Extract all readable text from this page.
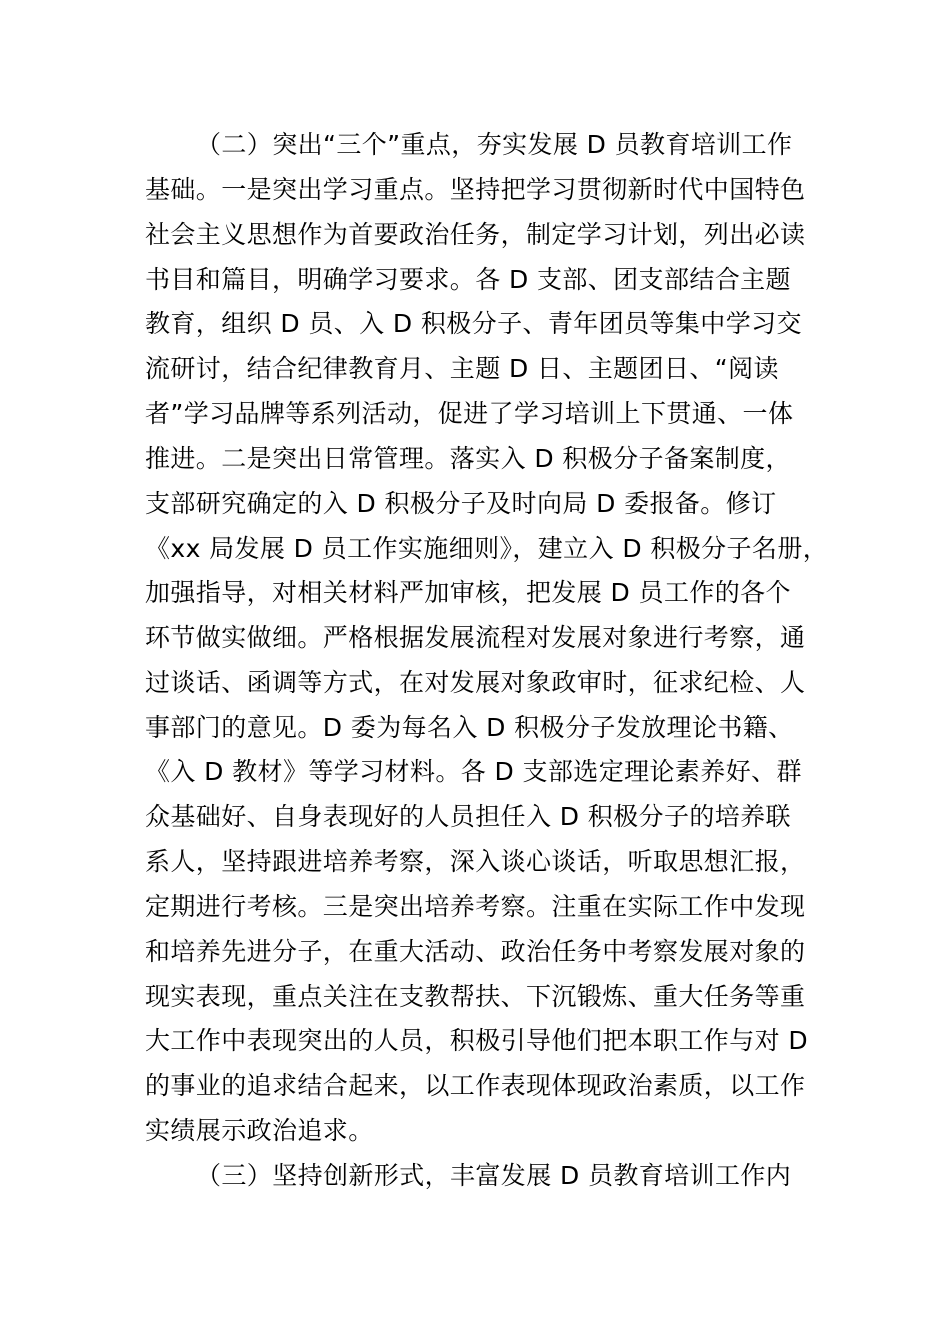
（二）突出“三个”重点，夯实发展 D 员教育培训工作
基础。一是突出学习重点。坚持把学习贯彻新时代中国特色
社会主义思想作为首要政治任务，制定学习计划，列出必读
书目和篇目，明确学习要求。各 D 支部、团支部结合主题
教育，组织 D 员、入 D 积极分子、青年团员等集中学习交
流研讨，结合纪律教育月、主题 D 日、主题团日、“阅读
者”学习品牌等系列活动，促进了学习培训上下贯通、一体
推进。二是突出日常管理。落实入 D 积极分子备案制度，
支部研究确定的入 D 积极分子及时向局 D 委报备。修订
《xx 局发展 D 员工作实施细则》，建立入 D 积极分子名册，
加强指导，对相关材料严加审核，把发展 D 员工作的各个
环节做实做细。严格根据发展流程对发展对象进行考察，通
过谈话、函调等方式，在对发展对象政审时，征求纪检、人
事部门的意见。D 委为每名入 D 积极分子发放理论书籍、
《入 D 教材》等学习材料。各 D 支部选定理论素养好、群
众基础好、自身表现好的人员担任入 D 积极分子的培养联
系人，坚持跟进培养考察，深入谈心谈话，听取思想汇报，
定期进行考核。三是突出培养考察。注重在实际工作中发现
和培养先进分子，在重大活动、政治任务中考察发展对象的
现实表现，重点关注在支教帮扶、下沉锻炼、重大任务等重
大工作中表现突出的人员，积极引导他们把本职工作与对 D
的事业的追求结合起来，以工作表现体现政治素质，以工作
实绩展示政治追求。
（三）坚持创新形式，丰富发展 D 员教育培训工作内
